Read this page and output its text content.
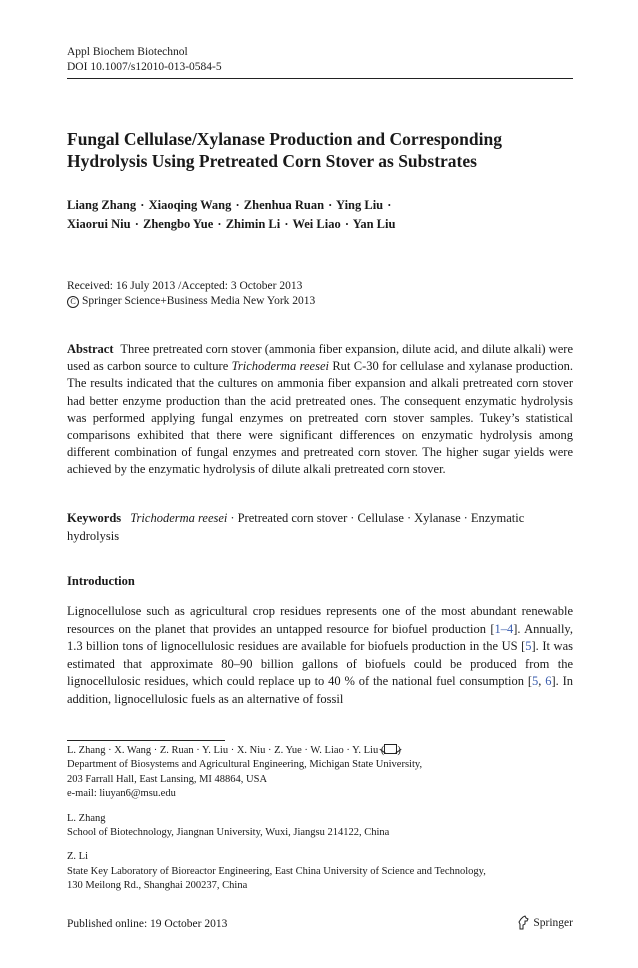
Appl Biochem Biotechnol
DOI 10.1007/s12010-013-0584-5
Fungal Cellulase/Xylanase Production and Corresponding
Hydrolysis Using Pretreated Corn Stover as Substrates
Liang Zhang · Xiaoqing Wang · Zhenhua Ruan · Ying Liu ·
Xiaorui Niu · Zhengbo Yue · Zhimin Li · Wei Liao · Yan Liu
Received: 16 July 2013 /Accepted: 3 October 2013
C Springer Science+Business Media New York 2013
Abstract Three pretreated corn stover (ammonia fiber expansion, dilute acid, and dilute alkali) were used as carbon source to culture Trichoderma reesei Rut C-30 for cellulase and xylanase production. The results indicated that the cultures on ammonia fiber expansion and alkali pretreated corn stover had better enzyme production than the acid pretreated ones. The consequent enzymatic hydrolysis was performed applying fungal enzymes on pretreated corn stover samples. Tukey’s statistical comparisons exhibited that there were significant differences on enzymatic hydrolysis among different combination of fungal enzymes and pretreated corn stover. The higher sugar yields were achieved by the enzymatic hydrolysis of dilute alkali pretreated corn stover.
Keywords Trichoderma reesei · Pretreated corn stover · Cellulase · Xylanase · Enzymatic hydrolysis
Introduction
Lignocellulose such as agricultural crop residues represents one of the most abundant renewable resources on the planet that provides an untapped resource for biofuel production [1–4]. Annually, 1.3 billion tons of lignocellulosic residues are available for biofuels production in the US [5]. It was estimated that approximate 80–90 billion gallons of biofuels could be produced from the lignocellulosic residues, which could replace up to 40 % of the national fuel consumption [5, 6]. In addition, lignocellulosic fuels as an alternative of fossil
L. Zhang · X. Wang · Z. Ruan · Y. Liu · X. Niu · Z. Yue · W. Liao · Y. Liu ( )
Department of Biosystems and Agricultural Engineering, Michigan State University,
203 Farrall Hall, East Lansing, MI 48864, USA
e-mail: liuyan6@msu.edu
L. Zhang
School of Biotechnology, Jiangnan University, Wuxi, Jiangsu 214122, China
Z. Li
State Key Laboratory of Bioreactor Engineering, East China University of Science and Technology,
130 Meilong Rd., Shanghai 200237, China
Published online: 19 October 2013	Springer
